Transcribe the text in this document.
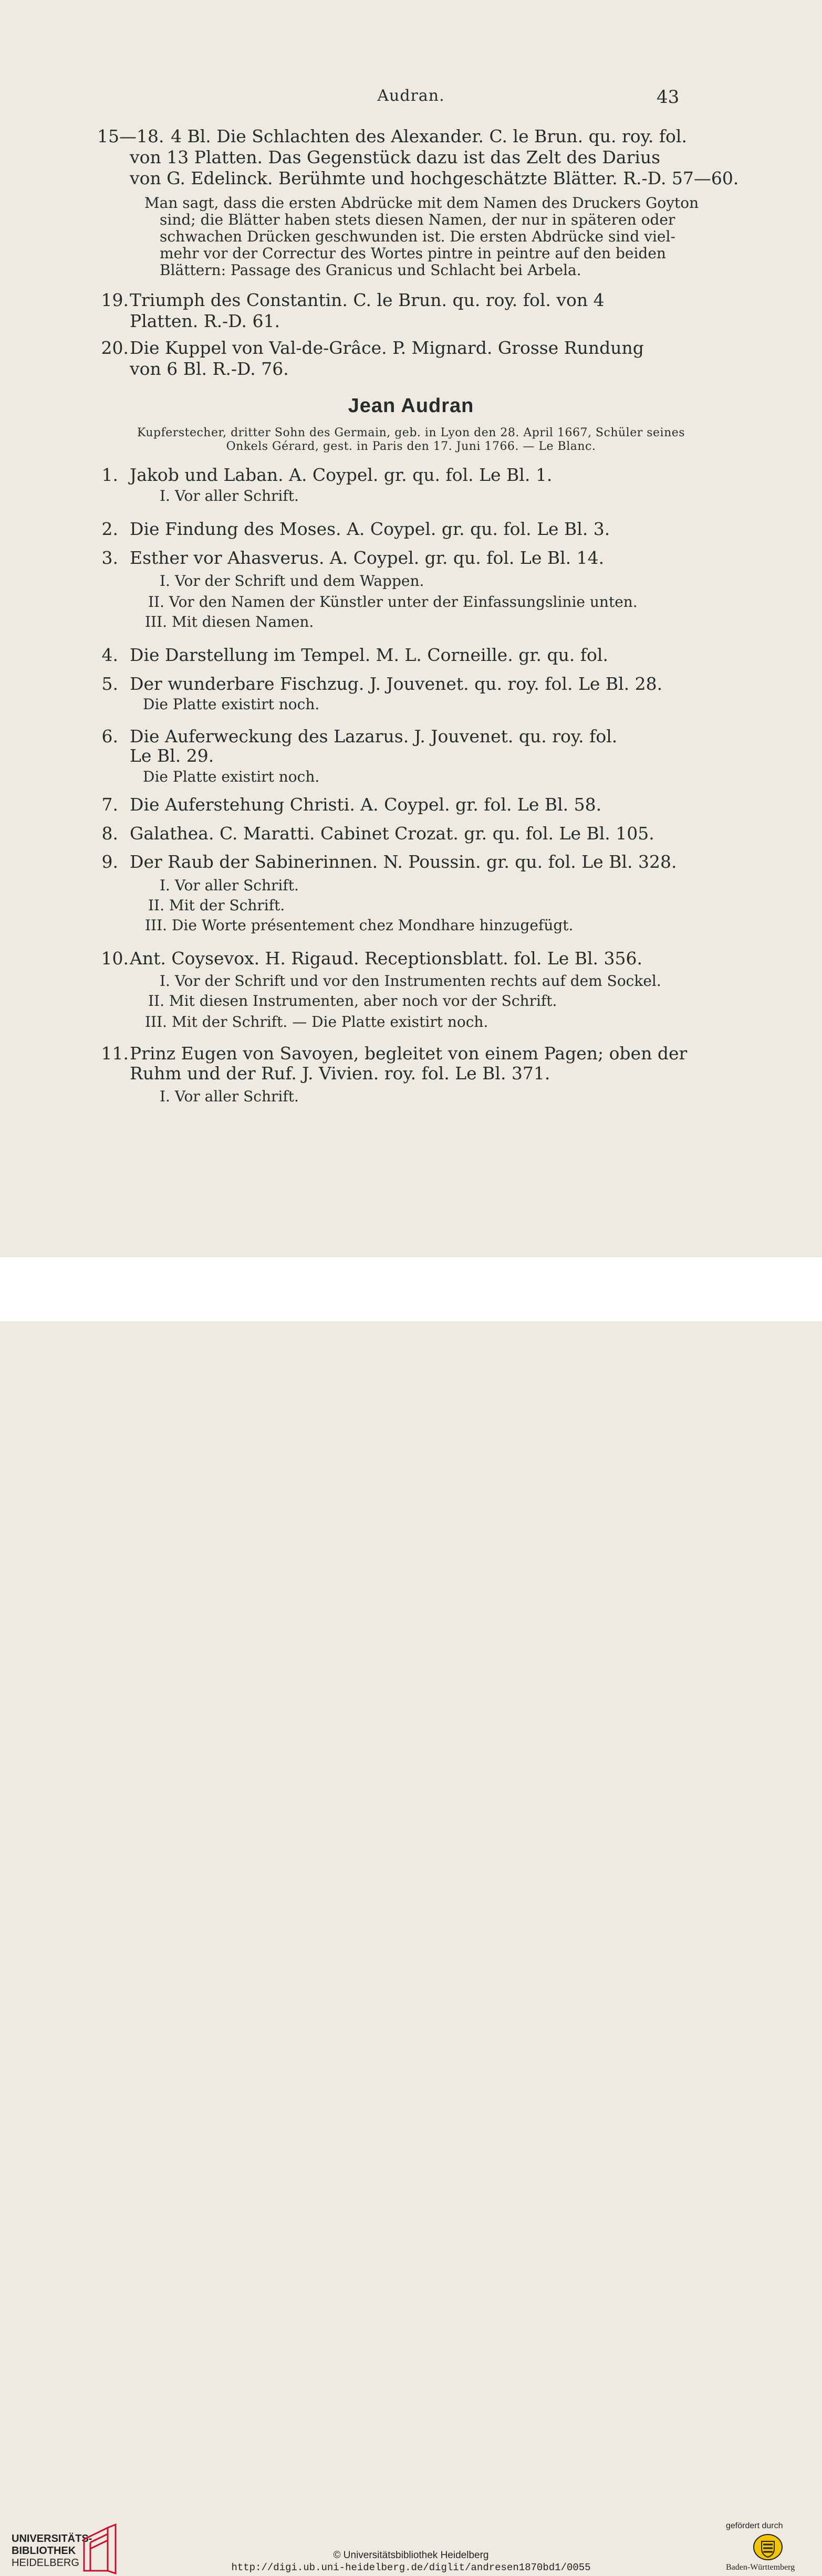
Audran.	43
15—18. 4 Bl. Die Schlachten des Alexander. C. le Brun. qu. roy. fol.
von 13 Platten. Das Gegenstück dazu ist das Zelt des Darius
von G. Edelinck. Berühmte und hochgeschätzte Blätter. R.-D. 57—60.
Man sagt, dass die ersten Abdrücke mit dem Namen des Druckers Goyton
sind; die Blätter haben stets diesen Namen, der nur in späteren oder
schwachen Drücken geschwunden ist. Die ersten Abdrücke sind viel-
mehr vor der Correctur des Wortes pintre in peintre auf den beiden
Blättern: Passage des Granicus und Schlacht bei Arbela.
19. Triumph des Constantin. C. le Brun. qu. roy. fol. von 4
Platten. R.-D. 61.
20. Die Kuppel von Val-de-Grâce. P. Mignard. Grosse Rundung
von 6 Bl. R.-D. 76.
Jean Audran
Kupferstecher, dritter Sohn des Germain, geb. in Lyon den 28. April 1667, Schüler seines
Onkels Gérard, gest. in Paris den 17. Juni 1766. — Le Blanc.
1. Jakob und Laban. A. Coypel. gr. qu. fol. Le Bl. 1.
I. Vor aller Schrift.
2. Die Findung des Moses. A. Coypel. gr. qu. fol. Le Bl. 3.
3. Esther vor Ahasverus. A. Coypel. gr. qu. fol. Le Bl. 14.
I. Vor der Schrift und dem Wappen.
II. Vor den Namen der Künstler unter der Einfassungslinie unten.
III. Mit diesen Namen.
4. Die Darstellung im Tempel. M. L. Corneille. gr. qu. fol.
5. Der wunderbare Fischzug. J. Jouvenet. qu. roy. fol. Le Bl. 28.
Die Platte existirt noch.
6. Die Auferweckung des Lazarus. J. Jouvenet. qu. roy. fol.
Le Bl. 29.
Die Platte existirt noch.
7. Die Auferstehung Christi. A. Coypel. gr. fol. Le Bl. 58.
8. Galathea. C. Maratti. Cabinet Crozat. gr. qu. fol. Le Bl. 105.
9. Der Raub der Sabinerinnen. N. Poussin. gr. qu. fol. Le Bl. 328.
I. Vor aller Schrift.
II. Mit der Schrift.
III. Die Worte présentement chez Mondhare hinzugefügt.
10. Ant. Coysevox. H. Rigaud. Receptionsblatt. fol. Le Bl. 356.
I. Vor der Schrift und vor den Instrumenten rechts auf dem Sockel.
II. Mit diesen Instrumenten, aber noch vor der Schrift.
III. Mit der Schrift. — Die Platte existirt noch.
11. Prinz Eugen von Savoyen, begleitet von einem Pagen; oben der
Ruhm und der Ruf. J. Vivien. roy. fol. Le Bl. 371.
I. Vor aller Schrift.
UNIVERSITÄTS-
BIBLIOTHEK
HEIDELBERG
© Universitätsbibliothek Heidelberg
http://digi.ub.uni-heidelberg.de/diglit/andresen1870bd1/0055
gefördert durch
Baden-Württemberg
